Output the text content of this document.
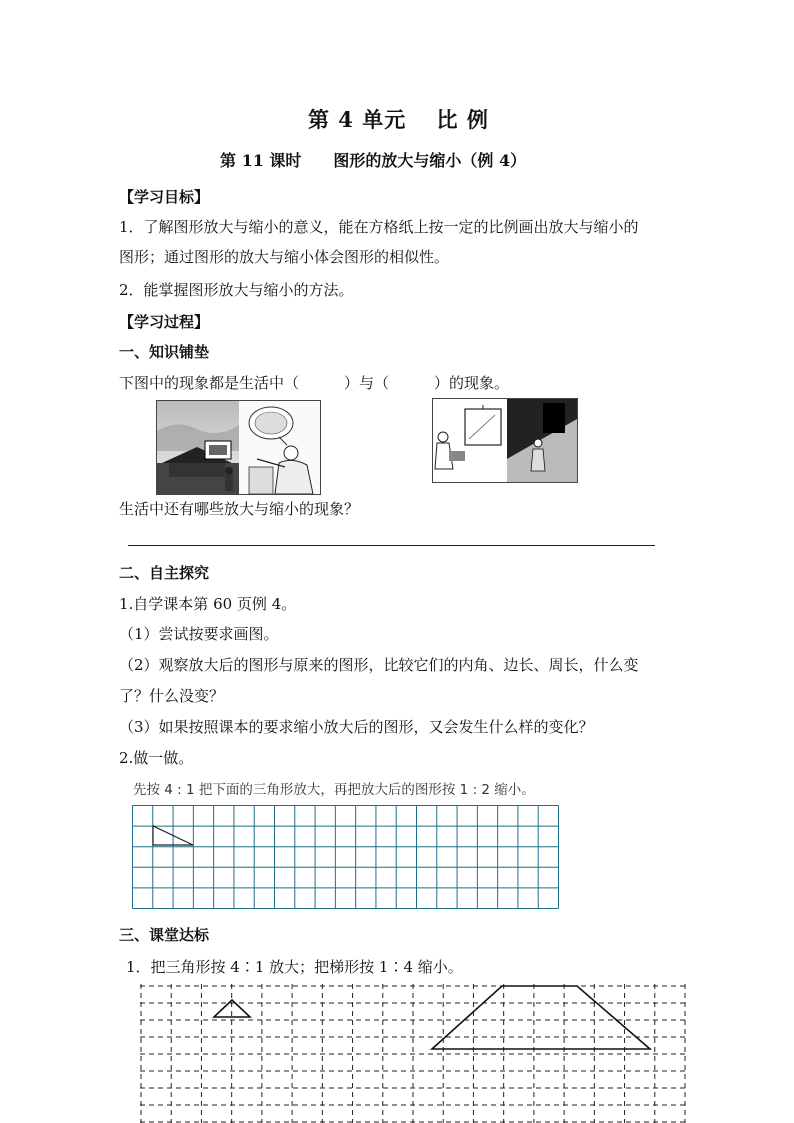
第 4 单元　 比 例
第 11 课时　　图形的放大与缩小（例 4）
【学习目标】
1．了解图形放大与缩小的意义，能在方格纸上按一定的比例画出放大与缩小的
图形；通过图形的放大与缩小体会图形的相似性。
2．能掌握图形放大与缩小的方法。
【学习过程】
一、知识铺垫
下图中的现象都是生活中（　　　）与（　　　）的现象。
生活中还有哪些放大与缩小的现象？
二、自主探究
1.自学课本第 60 页例 4。
（1）尝试按要求画图。
（2）观察放大后的图形与原来的图形，比较它们的内角、边长、周长，什么变
了？什么没变？
（3）如果按照课本的要求缩小放大后的图形，又会发生什么样的变化？
2.做一做。
先按 4 : 1 把下面的三角形放大，再把放大后的图形按 1 : 2 缩小。
三、课堂达标
1．把三角形按 4∶1 放大；把梯形按 1∶4 缩小。
